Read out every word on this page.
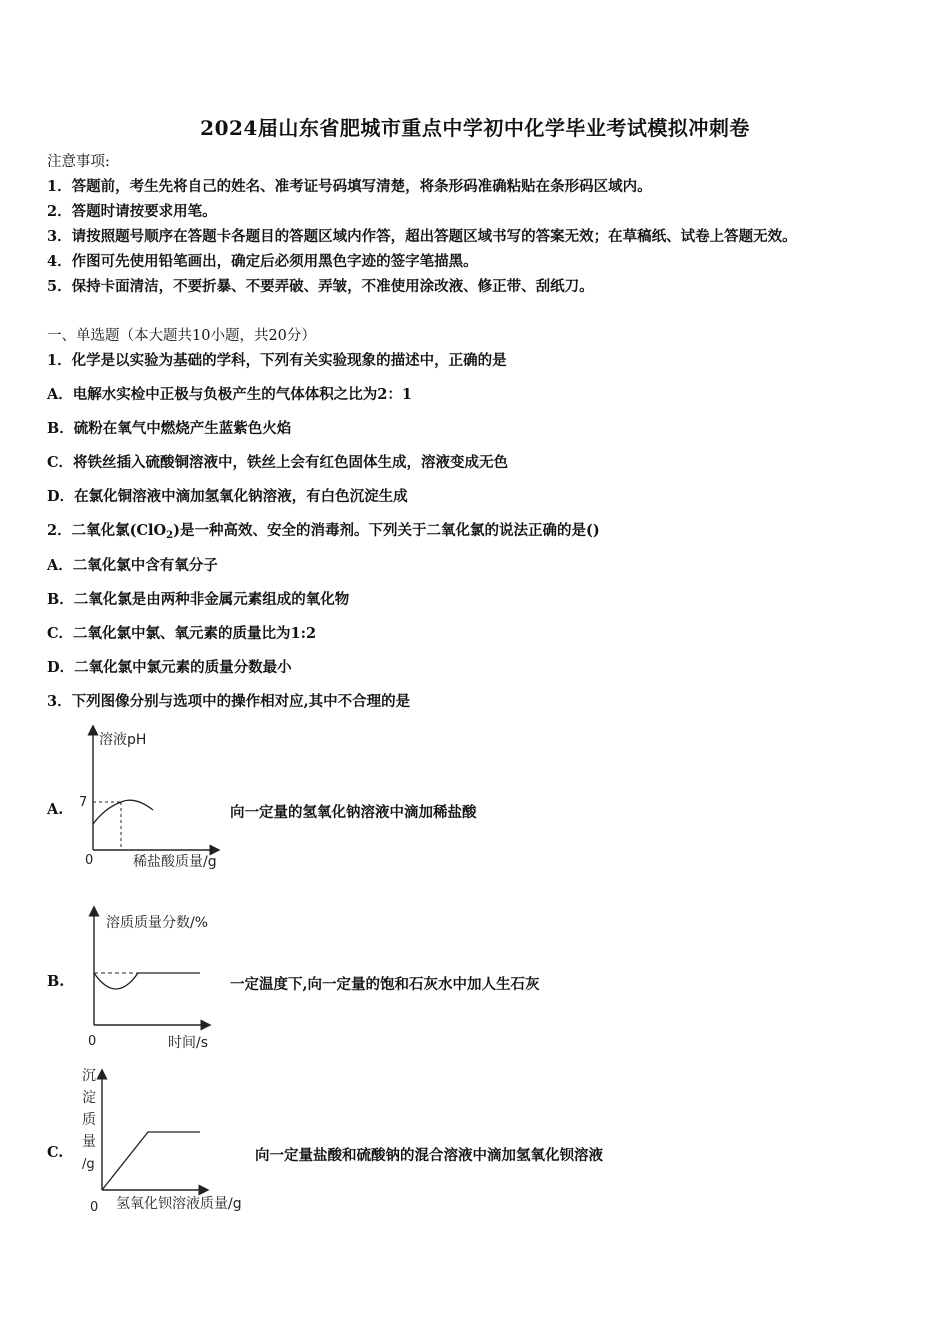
2024届山东省肥城市重点中学初中化学毕业考试模拟冲刺卷
注意事项:
1．答题前，考生先将自己的姓名、准考证号码填写清楚，将条形码准确粘贴在条形码区域内。
2．答题时请按要求用笔。
3．请按照题号顺序在答题卡各题目的答题区域内作答，超出答题区域书写的答案无效；在草稿纸、试卷上答题无效。
4．作图可先使用铅笔画出，确定后必须用黑色字迹的签字笔描黑。
5．保持卡面清洁，不要折暴、不要弄破、弄皱，不准使用涂改液、修正带、刮纸刀。
一、单选题（本大题共10小题，共20分）
1．化学是以实验为基础的学科，下列有关实验现象的描述中，正确的是
A．电解水实检中正极与负极产生的气体体积之比为2：1
B．硫粉在氧气中燃烧产生蓝紫色火焰
C．将铁丝插入硫酸铜溶液中，铁丝上会有红色固体生成，溶液变成无色
D．在氯化铜溶液中滴加氢氧化钠溶液，有白色沉淀生成
2．二氧化氯(ClO$_2$)是一种高效、安全的消毒剂。下列关于二氧化氯的说法正确的是()
A．二氧化氯中含有氧分子
B．二氧化氯是由两种非金属元素组成的氧化物
C．二氧化氯中氯、氧元素的质量比为1:2
D．二氧化氯中氯元素的质量分数最小
3．下列图像分别与选项中的操作相对应,其中不合理的是
A.
溶液pH
7
0	稀盐酸质量/g
向一定量的氢氧化钠溶液中滴加稀盐酸
B.
溶质质量分数/%
0	时间/s
一定温度下,向一定量的饱和石灰水中加人生石灰
C.
沉
淀
质
量
/g
0 氢氧化钡溶液质量/g
向一定量盐酸和硫酸钠的混合溶液中滴加氢氧化钡溶液
